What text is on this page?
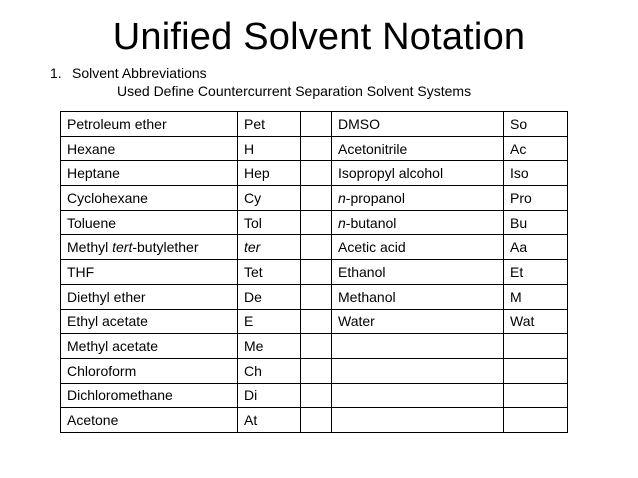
Unified Solvent Notation
1. Solvent Abbreviations
Used Define Countercurrent Separation Solvent Systems
Petroleum ether	Pet		DMSO	So
Hexane	H		Acetonitrile	Ac
Heptane	Hep		Isopropyl alcohol	Iso
Cyclohexane	Cy		n-propanol	Pro
Toluene	Tol		n-butanol	Bu
Methyl tert-butylether	ter		Acetic acid	Aa
THF	Tet		Ethanol	Et
Diethyl ether	De		Methanol	M
Ethyl acetate	E		Water	Wat
Methyl acetate	Me			
Chloroform	Ch			
Dichloromethane	Di			
Acetone	At			
